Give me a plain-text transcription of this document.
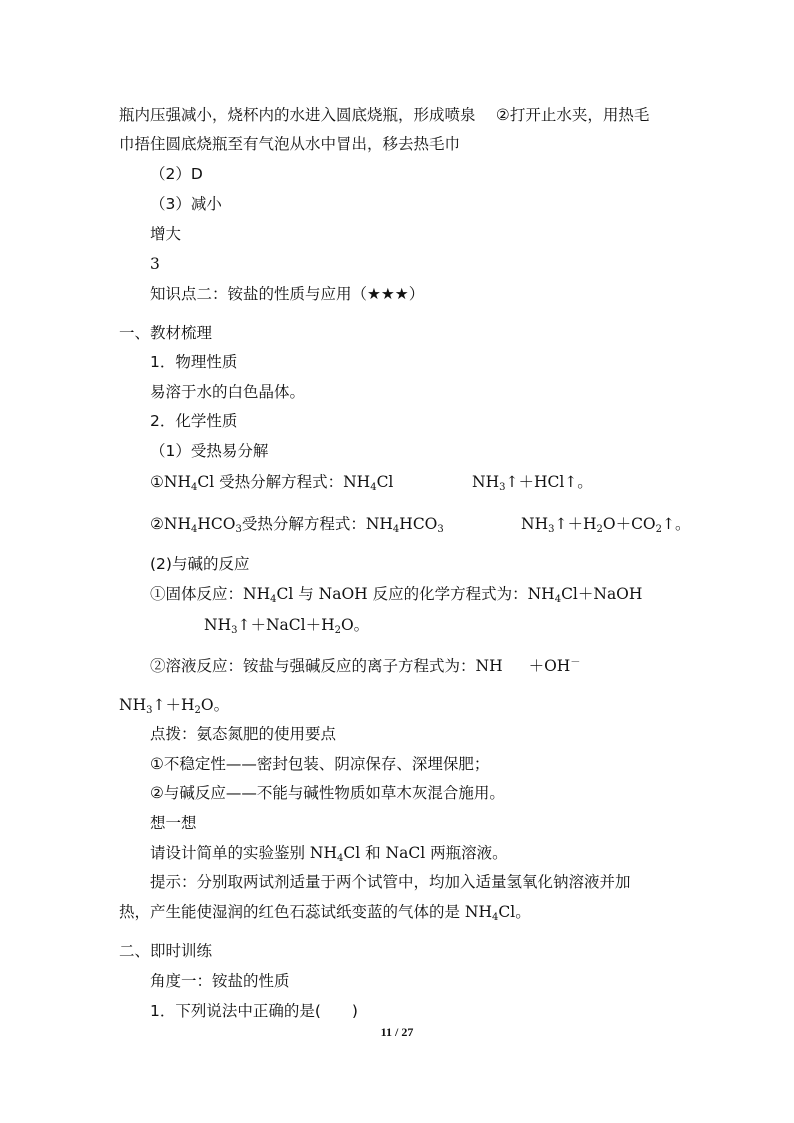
瓶内压强减小，烧杯内的水进入圆底烧瓶，形成喷泉　 ②打开止水夹，用热毛
巾捂住圆底烧瓶至有气泡从水中冒出，移去热毛巾
（2）D
（3）减小
增大
3
知识点二：铵盐的性质与应用（★★★）
一、教材梳理
1．物理性质
易溶于水的白色晶体。
2．化学性质
（1）受热易分解
$①NH_4Cl$ 受热分解方程式：$NH_4Cl$	$NH_3↑+HCl↑$。
$②NH_4HCO_3$受热分解方程式：$NH_4HCO_3$	$NH_3↑+H_2O+CO_2↑$。
(2)与碱的反应
①固体反应：$NH_4Cl$ 与 NaOH 反应的化学方程式为：$NH_4Cl+NaOH$
$NH_3↑+NaCl+H_2O$。
②溶液反应：铵盐与强碱反应的离子方程式为：NH ＋OH－
$NH_3↑+H_2O$。
点拨：氨态氮肥的使用要点
①不稳定性——密封包装、阴凉保存、深埋保肥；
②与碱反应——不能与碱性物质如草木灰混合施用。
想一想
请设计简单的实验鉴别 $NH_4Cl$ 和 NaCl 两瓶溶液。
提示：分别取两试剂适量于两个试管中，均加入适量氢氧化钠溶液并加
热，产生能使湿润的红色石蕊试纸变蓝的气体的是 $NH_4Cl$。
二、即时训练
角度一：铵盐的性质
1．下列说法中正确的是(　　)
11 / 27
